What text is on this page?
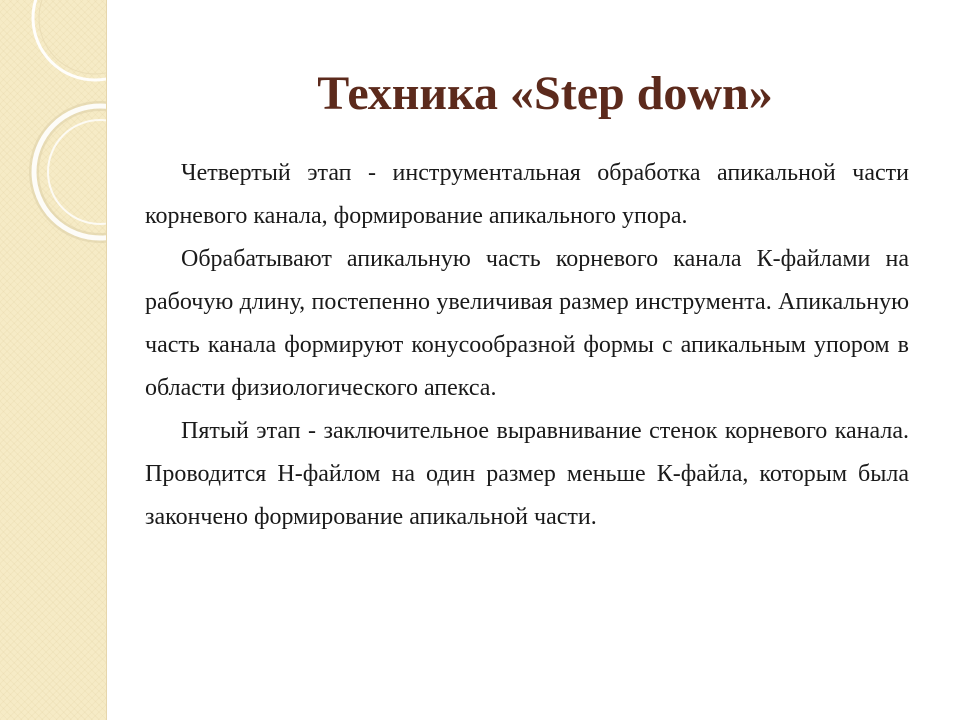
Техника «Step down»

Четвертый этап - инструментальная обработка апикальной части корневого канала, формирование апикального упора.

Обрабатывают апикальную часть корневого канала К-файлами на рабочую длину, постепенно увеличивая размер инструмента. Апикальную часть канала формируют конусообразной формы с апикальным упором в области физиологического апекса.

Пятый этап - заключительное выравнивание стенок корневого канала. Проводится Н-файлом на один размер меньше К-файла, которым была закончено формирование апикальной части.
